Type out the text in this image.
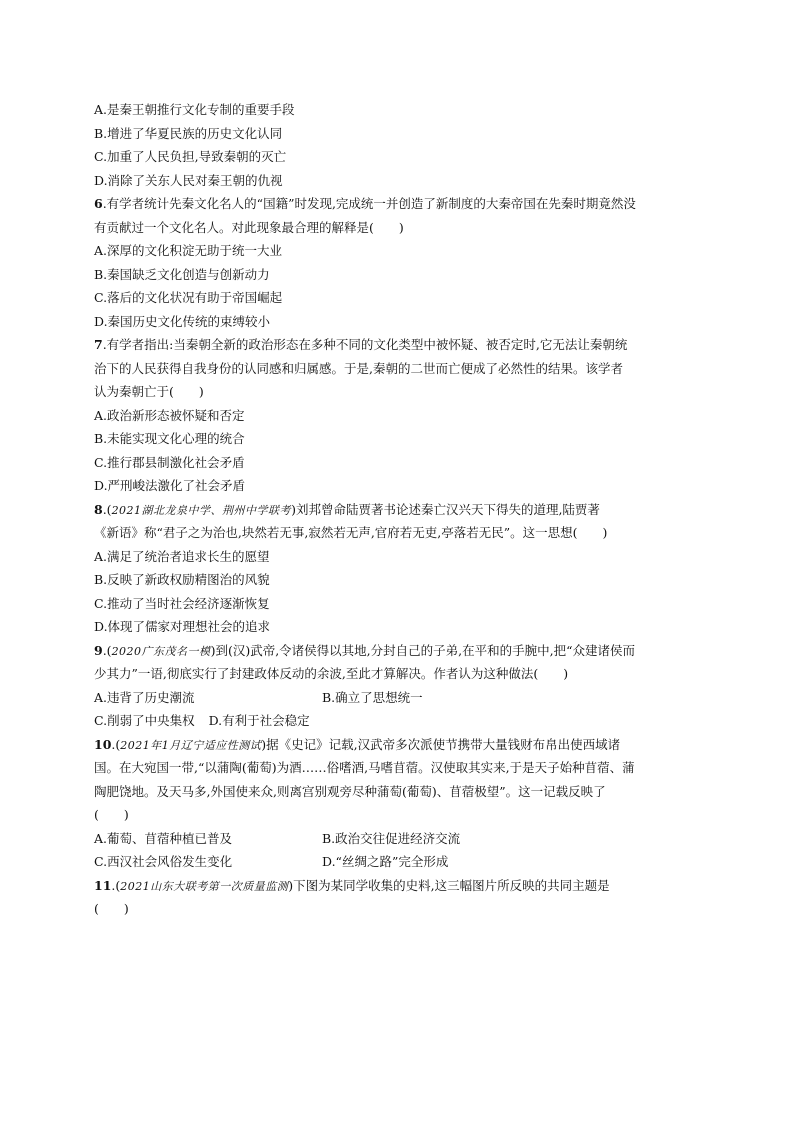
A.是秦王朝推行文化专制的重要手段
B.增进了华夏民族的历史文化认同
C.加重了人民负担,导致秦朝的灭亡
D.消除了关东人民对秦王朝的仇视
6.有学者统计先秦文化名人的“国籍”时发现,完成统一并创造了新制度的大秦帝国在先秦时期竟然没
有贡献过一个文化名人。对此现象最合理的解释是(　　)
A.深厚的文化积淀无助于统一大业
B.秦国缺乏文化创造与创新动力
C.落后的文化状况有助于帝国崛起
D.秦国历史文化传统的束缚较小
7.有学者指出:当秦朝全新的政治形态在多种不同的文化类型中被怀疑、被否定时,它无法让秦朝统
治下的人民获得自我身份的认同感和归属感。于是,秦朝的二世而亡便成了必然性的结果。该学者
认为秦朝亡于(　　)
A.政治新形态被怀疑和否定
B.未能实现文化心理的统合
C.推行郡县制激化社会矛盾
D.严刑峻法激化了社会矛盾
8.(2021湖北龙泉中学、荆州中学联考)刘邦曾命陆贾著书论述秦亡汉兴天下得失的道理,陆贾著
《新语》称“君子之为治也,块然若无事,寂然若无声,官府若无吏,亭落若无民”。这一思想(　　)
A.满足了统治者追求长生的愿望
B.反映了新政权励精图治的风貌
C.推动了当时社会经济逐渐恢复
D.体现了儒家对理想社会的追求
9.(2020广东茂名一模)到(汉)武帝,令诸侯得以其地,分封自己的子弟,在平和的手腕中,把“众建诸侯而
少其力”一语,彻底实行了封建政体反动的余波,至此才算解决。作者认为这种做法(　　)
A.违背了历史潮流	B.确立了思想统一
C.削弱了中央集权 D.有利于社会稳定
10.(2021年1月辽宁适应性测试)据《史记》记载,汉武帝多次派使节携带大量钱财布帛出使西域诸
国。在大宛国一带,“以蒲陶(葡萄)为酒……俗嗜酒,马嗜苜蓿。汉使取其实来,于是天子始种苜蓿、蒲
陶肥饶地。及天马多,外国使来众,则离宫别观旁尽种蒲萄(葡萄)、苜蓿极望”。这一记载反映了
(　　)
A.葡萄、苜蓿种植已普及	B.政治交往促进经济交流
C.西汉社会风俗发生变化	D.“丝绸之路”完全形成
11.(2021山东大联考第一次质量监测)下图为某同学收集的史料,这三幅图片所反映的共同主题是
(　　)
